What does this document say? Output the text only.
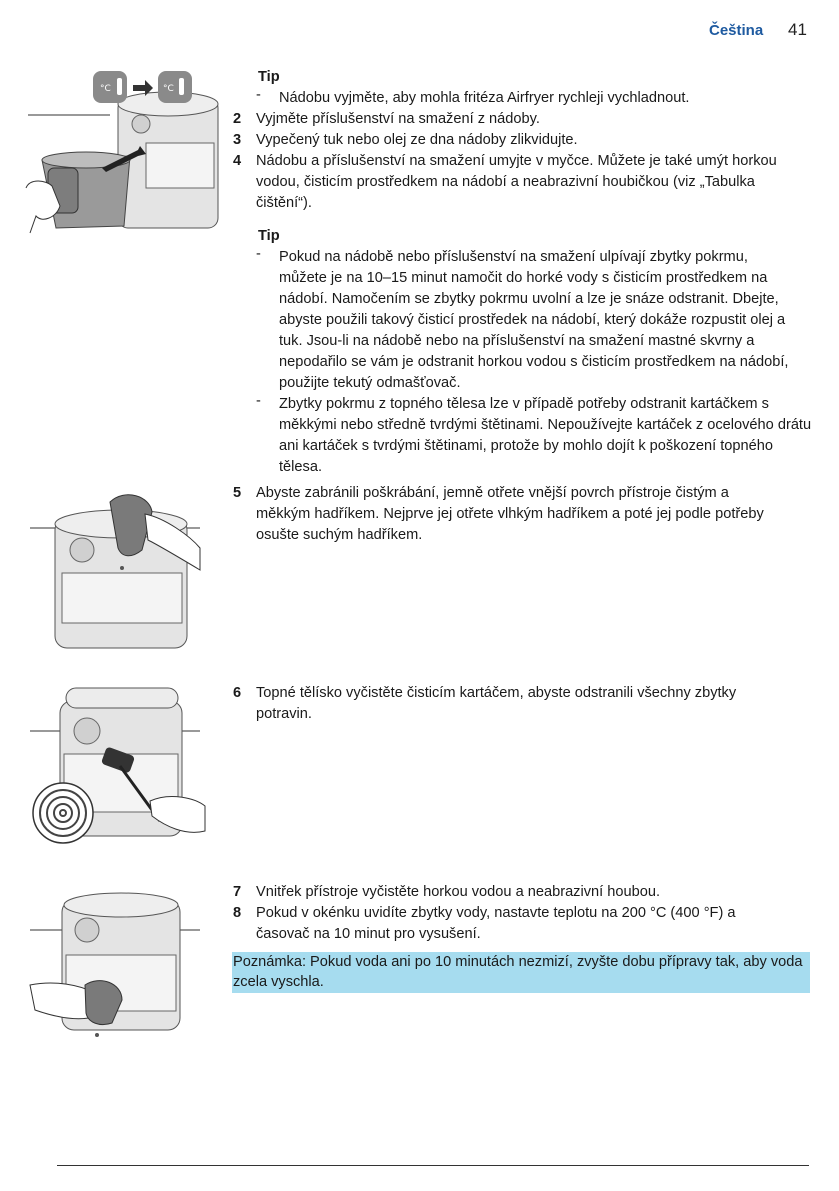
Čeština 41
°C	°C
Tip
- Nádobu vyjměte, aby mohla fritéza Airfryer rychleji vychladnout.
2 Vyjměte příslušenství na smažení z nádoby.
3 Vypečený tuk nebo olej ze dna nádoby zlikvidujte.
4 Nádobu a příslušenství na smažení umyjte v myčce. Můžete je také umýt horkou vodou, čisticím prostředkem na nádobí a neabrazivní houbičkou (viz „Tabulka čištění“).
Tip
- Pokud na nádobě nebo příslušenství na smažení ulpívají zbytky pokrmu, můžete je na 10–15 minut namočit do horké vody s čisticím prostředkem na nádobí. Namočením se zbytky pokrmu uvolní a lze je snáze odstranit. Dbejte, abyste použili takový čisticí prostředek na nádobí, který dokáže rozpustit olej a tuk. Jsou-li na nádobě nebo na příslušenství na smažení mastné skvrny a nepodařilo se vám je odstranit horkou vodou s čisticím prostředkem na nádobí, použijte tekutý odmašťovač.
- Zbytky pokrmu z topného tělesa lze v případě potřeby odstranit kartáčkem s měkkými nebo středně tvrdými štětinami. Nepoužívejte kartáček z ocelového drátu ani kartáček s tvrdými štětinami, protože by mohlo dojít k poškození topného tělesa.
5 Abyste zabránili poškrábání, jemně otřete vnější povrch přístroje čistým a měkkým hadříkem. Nejprve jej otřete vlhkým hadříkem a poté jej podle potřeby osušte suchým hadříkem.
6 Topné tělísko vyčistěte čisticím kartáčem, abyste odstranili všechny zbytky potravin.
7 Vnitřek přístroje vyčistěte horkou vodou a neabrazivní houbou.
8 Pokud v okénku uvidíte zbytky vody, nastavte teplotu na 200 °C (400 °F) a časovač na 10 minut pro vysušení.
Poznámka: Pokud voda ani po 10 minutách nezmizí, zvyšte dobu přípravy tak, aby voda zcela vyschla.
